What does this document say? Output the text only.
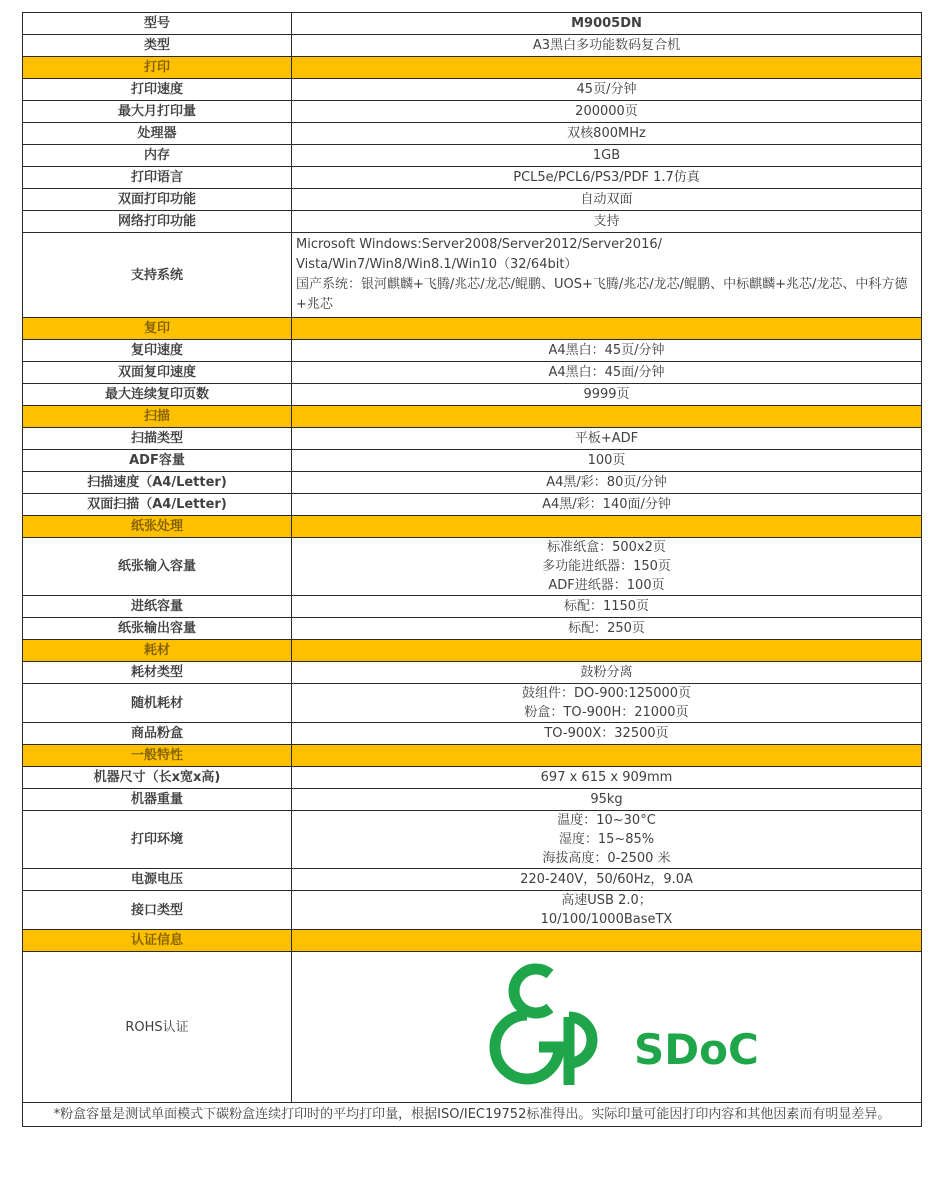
型号	M9005DN
类型	A3黑白多功能数码复合机

打印	
打印速度	45页/分钟

最大月打印量	200000页

处理器	双核800MHz

内存	1GB

打印语言	PCL5e/PCL6/PS3/PDF 1.7仿真

双面打印功能	自动双面

网络打印功能	支持

支持系统	Microsoft Windows:Server2008/Server2012/Server2016/
Vista/Win7/Win8/Win8.1/Win10（32/64bit）
国产系统：银河麒麟+飞腾/兆芯/龙芯/鲲鹏、UOS+飞腾/兆芯/龙芯/鲲鹏、中标麒麟+兆芯/龙芯、中科方德+兆芯

复印	
复印速度	A4黑白：45页/分钟

双面复印速度	A4黑白：45面/分钟

最大连续复印页数	9999页

扫描	
扫描类型	平板+ADF

ADF容量	100页

扫描速度（A4/Letter)	A4黑/彩：80页/分钟

双面扫描（A4/Letter)	A4黑/彩：140面/分钟

纸张处理	
纸张输入容量	标准纸盒：500x2页
多功能进纸器：150页
ADF进纸器：100页

进纸容量	标配：1150页

纸张输出容量	标配：250页

耗材	
耗材类型	鼓粉分离

随机耗材	鼓组件：DO-900:125000页
粉盒：TO-900H：21000页

商品粉盒	TO-900X：32500页

一般特性	
机器尺寸（长x宽x高)	697 x 615 x 909mm

机器重量	95kg

打印环境	温度：10~30°C
湿度：15~85%
海拔高度：0-2500 米

电源电压	220-240V，50/60Hz，9.0A

接口类型	高速USB 2.0；
10/100/1000BaseTX

认证信息	
ROHS认证	SDoC

*粉盒容量是测试单面模式下碳粉盒连续打印时的平均打印量，根据ISO/IEC19752标准得出。实际印量可能因打印内容和其他因素而有明显差异。	
